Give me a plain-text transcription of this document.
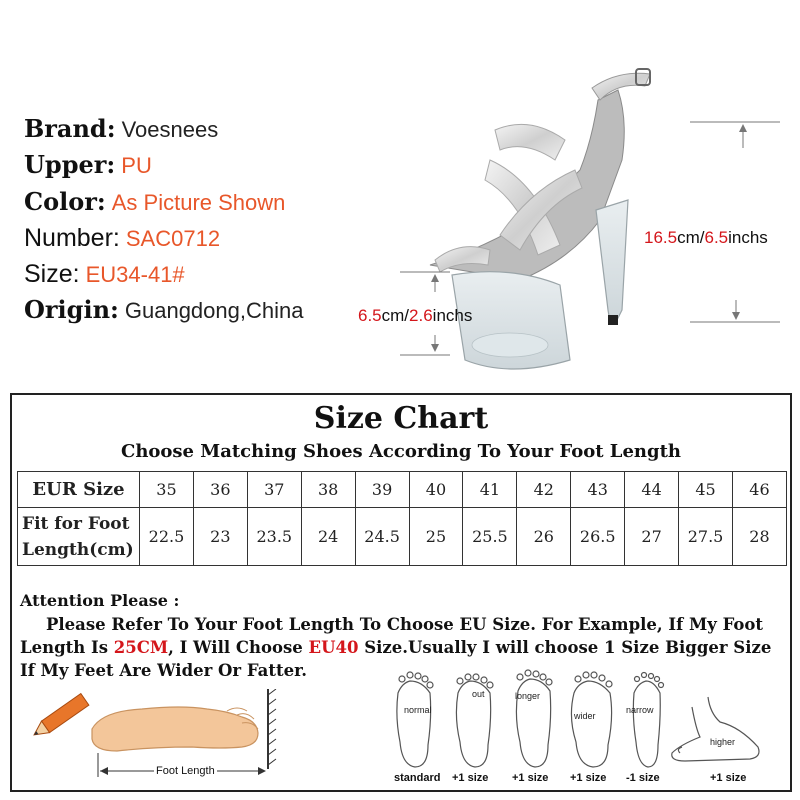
Brand: Voesnees
Upper: PU
Color: As Picture Shown
Number: SAC0712
Size: EU34-41#
Origin: Guangdong,China
16.5cm/6.5inchs
6.5cm/2.6inchs
Size Chart
Choose Matching Shoes According To Your Foot Length
EUR Size	35	36	37	38	39	40	41	42	43	44	45	46

Fit for Foot
Length(cm)	22.5	23	23.5	24	24.5	25	25.5	26	26.5	27	27.5	28
Attention Please :
Please Refer To Your Foot Length To Choose EU Size. For Example, If My Foot Length Is 25CM, I Will Choose EU40 Size.Usually I will choose 1 Size Bigger Size If My Feet Are Wider Or Fatter.
Foot Length
normal
out	longer
wider
narrow
higher
standard +1 size +1 size +1 size -1 size	+1 size
